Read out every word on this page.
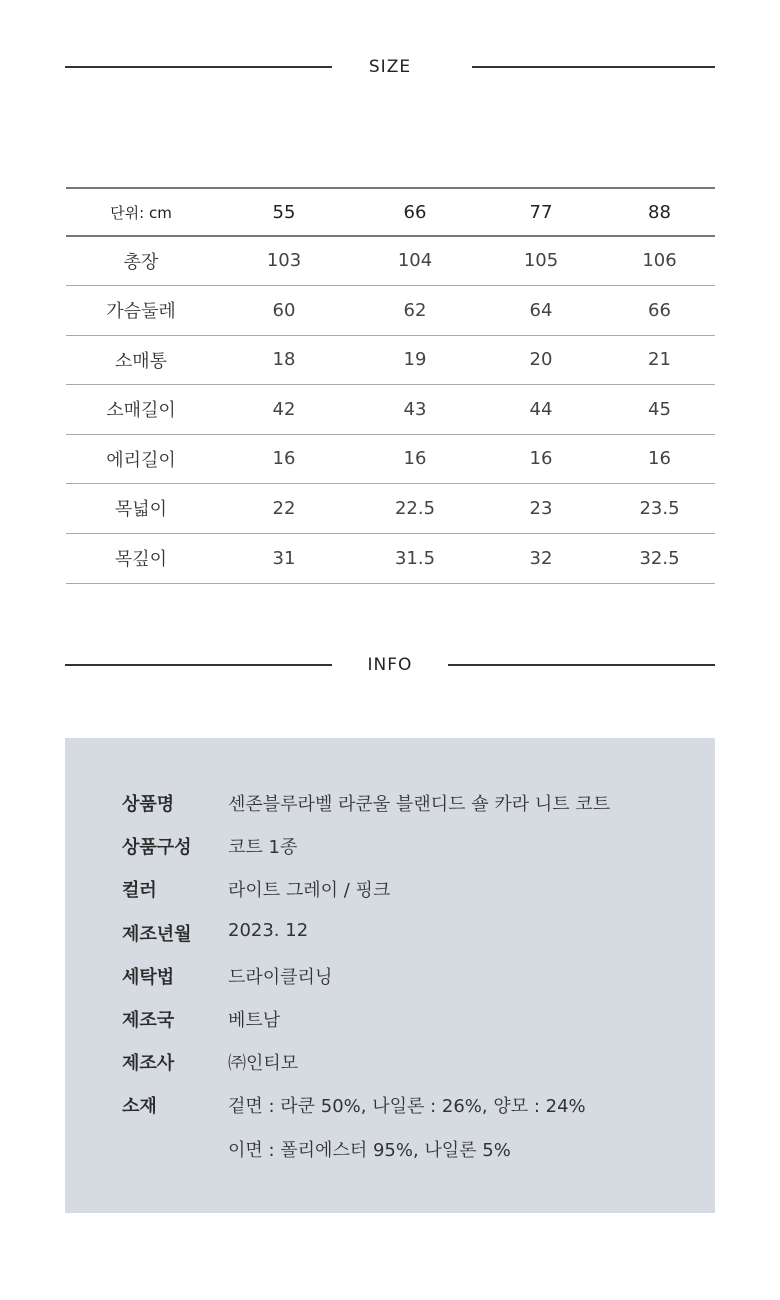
SIZE
단위: cm	55	66	77	88
총장	103	104	105	106
가슴둘레	60	62	64	66
소매통	18	19	20	21
소매길이	42	43	44	45
에리길이	16	16	16	16
목넓이	22	22.5	23	23.5
목깊이	31	31.5	32	32.5
INFO
상품명	센존블루라벨 라쿤울 블랜디드 숄 카라 니트 코트
상품구성	코트 1종
컬러	라이트 그레이 / 핑크
제조년월	2023. 12
세탁법	드라이클리닝
제조국	베트남
제조사	㈜인티모
소재	겉면 : 라쿤 50%, 나일론 : 26%, 양모 : 24%
이면 : 폴리에스터 95%, 나일론 5%
